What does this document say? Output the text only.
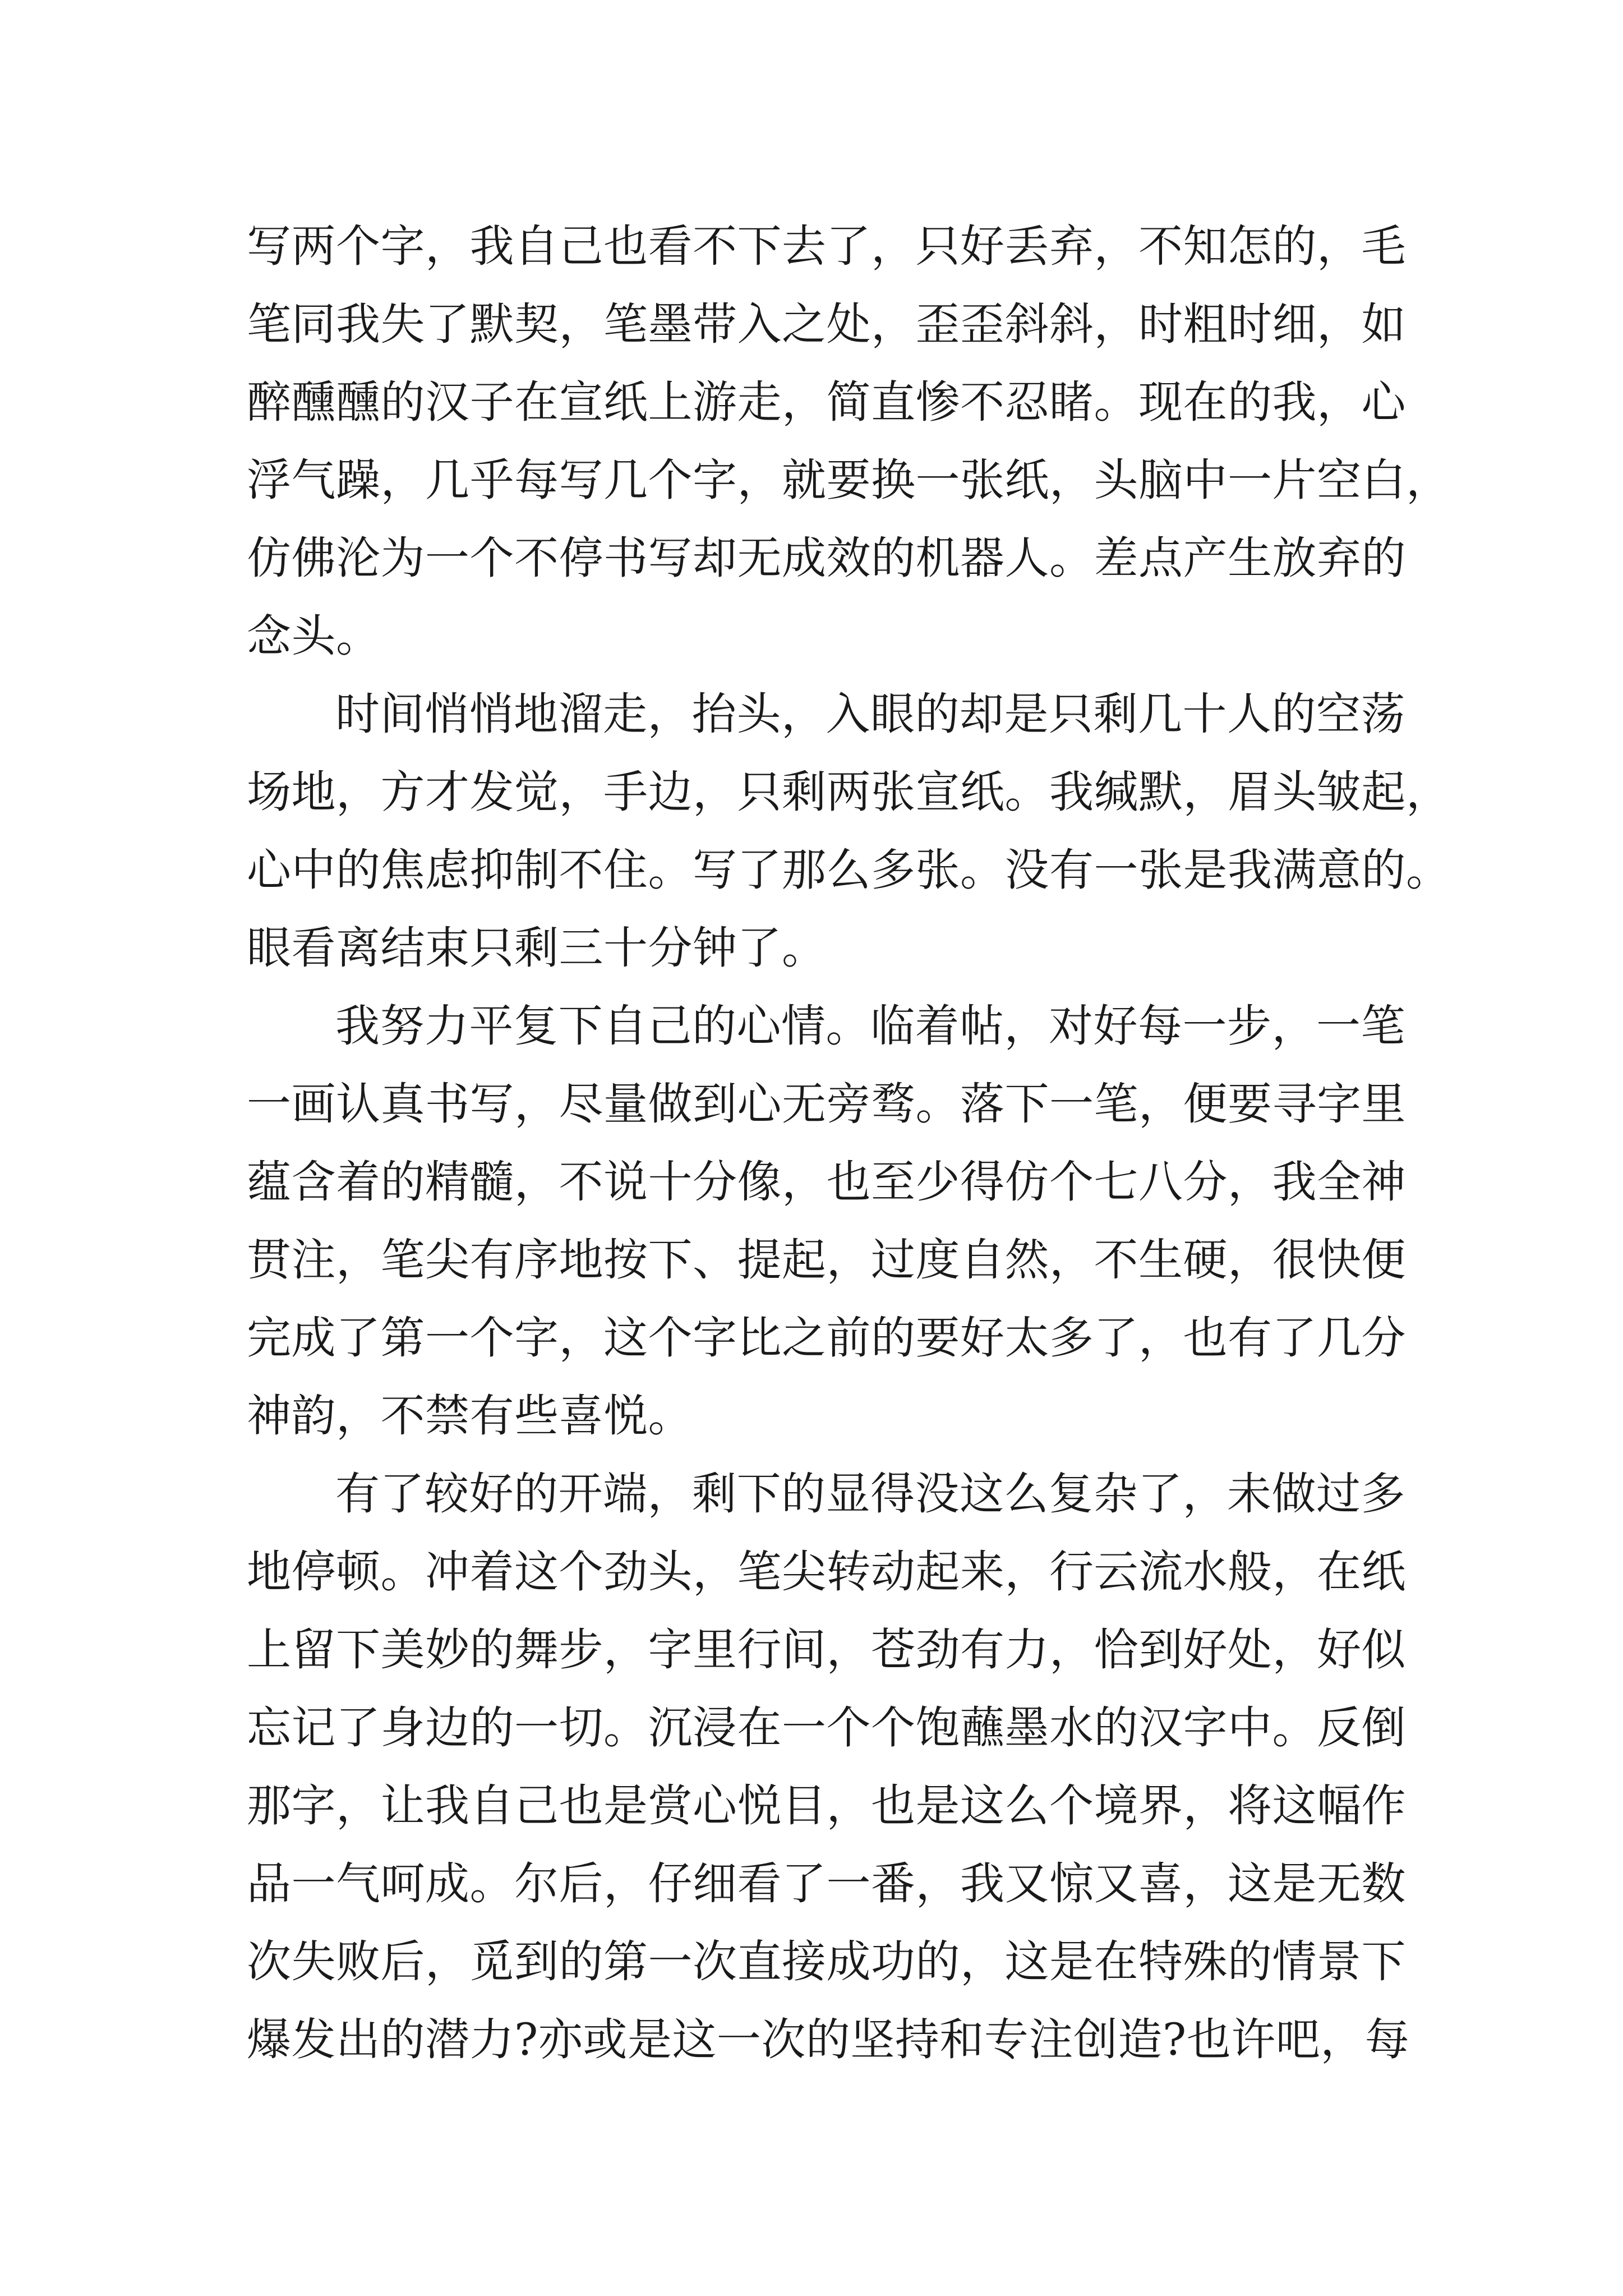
写两个字，我自己也看不下去了，只好丢弃，不知怎的，毛
笔同我失了默契，笔墨带入之处，歪歪斜斜，时粗时细，如
醉醺醺的汉子在宣纸上游走，简直惨不忍睹。现在的我，心
浮气躁，几乎每写几个字，就要换一张纸，头脑中一片空白，
仿佛沦为一个不停书写却无成效的机器人。差点产生放弃的
念头。
时间悄悄地溜走，抬头，入眼的却是只剩几十人的空荡
场地，方才发觉，手边，只剩两张宣纸。我缄默，眉头皱起，
心中的焦虑抑制不住。写了那么多张。没有一张是我满意的。
眼看离结束只剩三十分钟了。
我努力平复下自己的心情。临着帖，对好每一步，一笔
一画认真书写，尽量做到心无旁骛。落下一笔，便要寻字里
蕴含着的精髓，不说十分像，也至少得仿个七八分，我全神
贯注，笔尖有序地按下、提起，过度自然，不生硬，很快便
完成了第一个字，这个字比之前的要好太多了，也有了几分
神韵，不禁有些喜悦。
有了较好的开端，剩下的显得没这么复杂了，未做过多
地停顿。冲着这个劲头，笔尖转动起来，行云流水般，在纸
上留下美妙的舞步，字里行间，苍劲有力，恰到好处，好似
忘记了身边的一切。沉浸在一个个饱蘸墨水的汉字中。反倒
那字，让我自己也是赏心悦目，也是这么个境界，将这幅作
品一气呵成。尔后，仔细看了一番，我又惊又喜，这是无数
次失败后，觅到的第一次直接成功的，这是在特殊的情景下
爆发出的潜力?亦或是这一次的坚持和专注创造?也许吧，每
